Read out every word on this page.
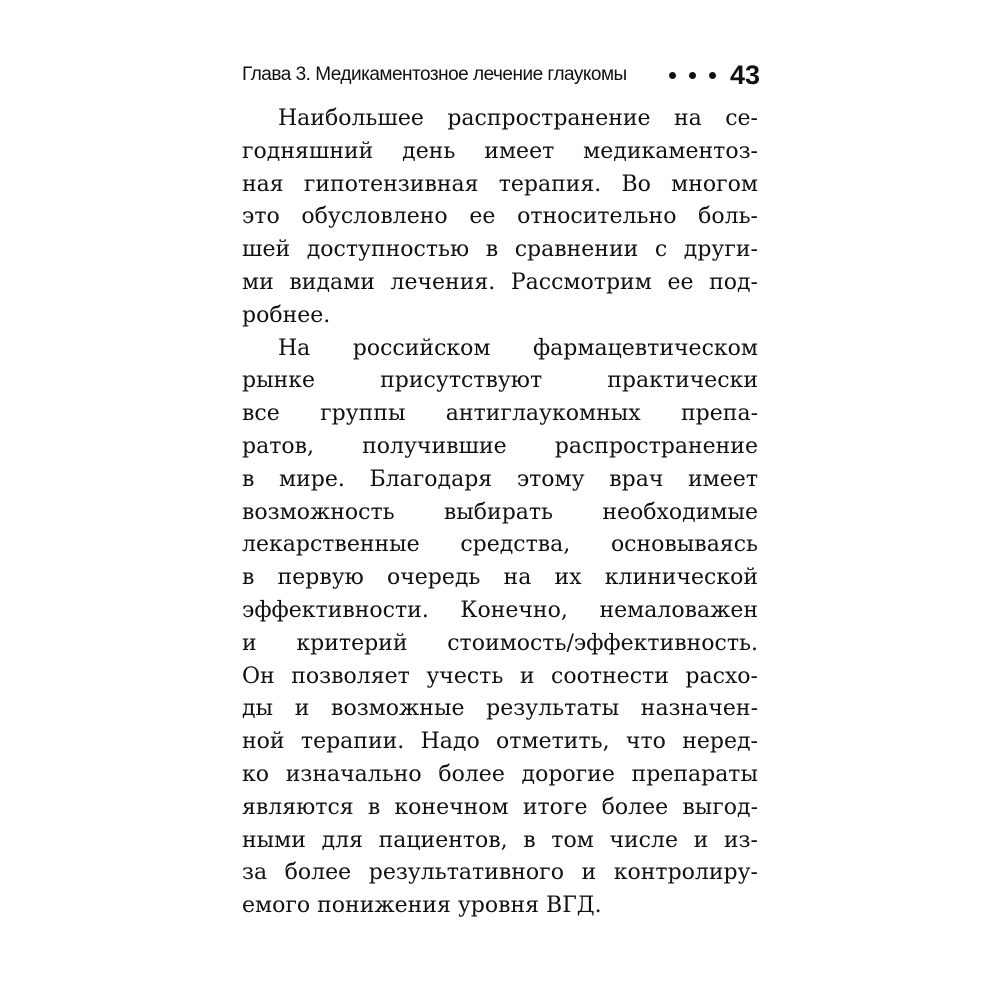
Глава 3. Медикаментозное лечение глаукомы	43
Наибольшее распространение на се-
годняшний день имеет медикаментоз-
ная гипотензивная терапия. Во многом
это обусловлено ее относительно боль-
шей доступностью в сравнении с други-
ми видами лечения. Рассмотрим ее под-
робнее.
На российском фармацевтическом
рынке присутствуют практически
все группы антиглаукомных препа-
ратов, получившие распространение
в мире. Благодаря этому врач имеет
возможность выбирать необходимые
лекарственные средства, основываясь
в первую очередь на их клинической
эффективности. Конечно, немаловажен
и критерий стоимость/эффективность.
Он позволяет учесть и соотнести расхо-
ды и возможные результаты назначен-
ной терапии. Надо отметить, что неред-
ко изначально более дорогие препараты
являются в конечном итоге более выгод-
ными для пациентов, в том числе и из-
за более результативного и контролиру-
емого понижения уровня ВГД.
